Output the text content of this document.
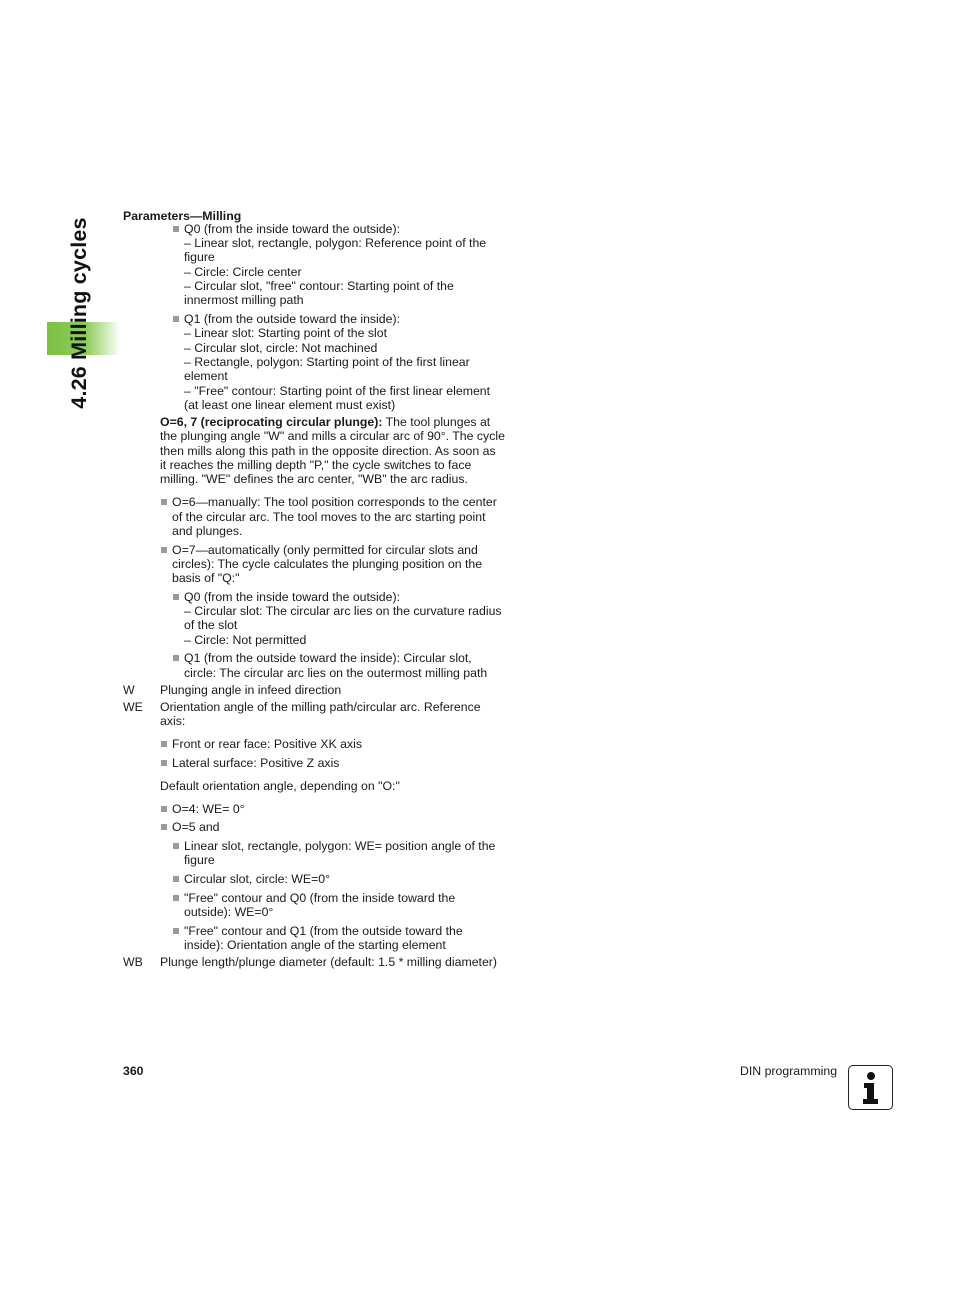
4.26 Milling cycles
Parameters—Milling
Q0 (from the inside toward the outside):
– Linear slot, rectangle, polygon: Reference point of the
figure
– Circle: Circle center
– Circular slot, "free" contour: Starting point of the
innermost milling path
Q1 (from the outside toward the inside):
– Linear slot: Starting point of the slot
– Circular slot, circle: Not machined
– Rectangle, polygon: Starting point of the first linear
element
– "Free" contour: Starting point of the first linear element
(at least one linear element must exist)
O=6, 7 (reciprocating circular plunge): The tool plunges at
the plunging angle "W" and mills a circular arc of 90°. The cycle
then mills along this path in the opposite direction. As soon as
it reaches the milling depth "P," the cycle switches to face
milling. "WE" defines the arc center, "WB" the arc radius.
O=6—manually: The tool position corresponds to the center
of the circular arc. The tool moves to the arc starting point
and plunges.
O=7—automatically (only permitted for circular slots and
circles): The cycle calculates the plunging position on the
basis of "Q:"
Q0 (from the inside toward the outside):
– Circular slot: The circular arc lies on the curvature radius
of the slot
– Circle: Not permitted
Q1 (from the outside toward the inside): Circular slot,
circle: The circular arc lies on the outermost milling path
W Plunging angle in infeed direction
WE Orientation angle of the milling path/circular arc. Reference
axis:
Front or rear face: Positive XK axis
Lateral surface: Positive Z axis
Default orientation angle, depending on "O:"
O=4: WE= 0°
O=5 and
Linear slot, rectangle, polygon: WE= position angle of the
figure
Circular slot, circle: WE=0°
"Free" contour and Q0 (from the inside toward the
outside): WE=0°
"Free" contour and Q1 (from the outside toward the
inside): Orientation angle of the starting element
WB Plunge length/plunge diameter (default: 1.5 * milling diameter)
360	DIN programming
